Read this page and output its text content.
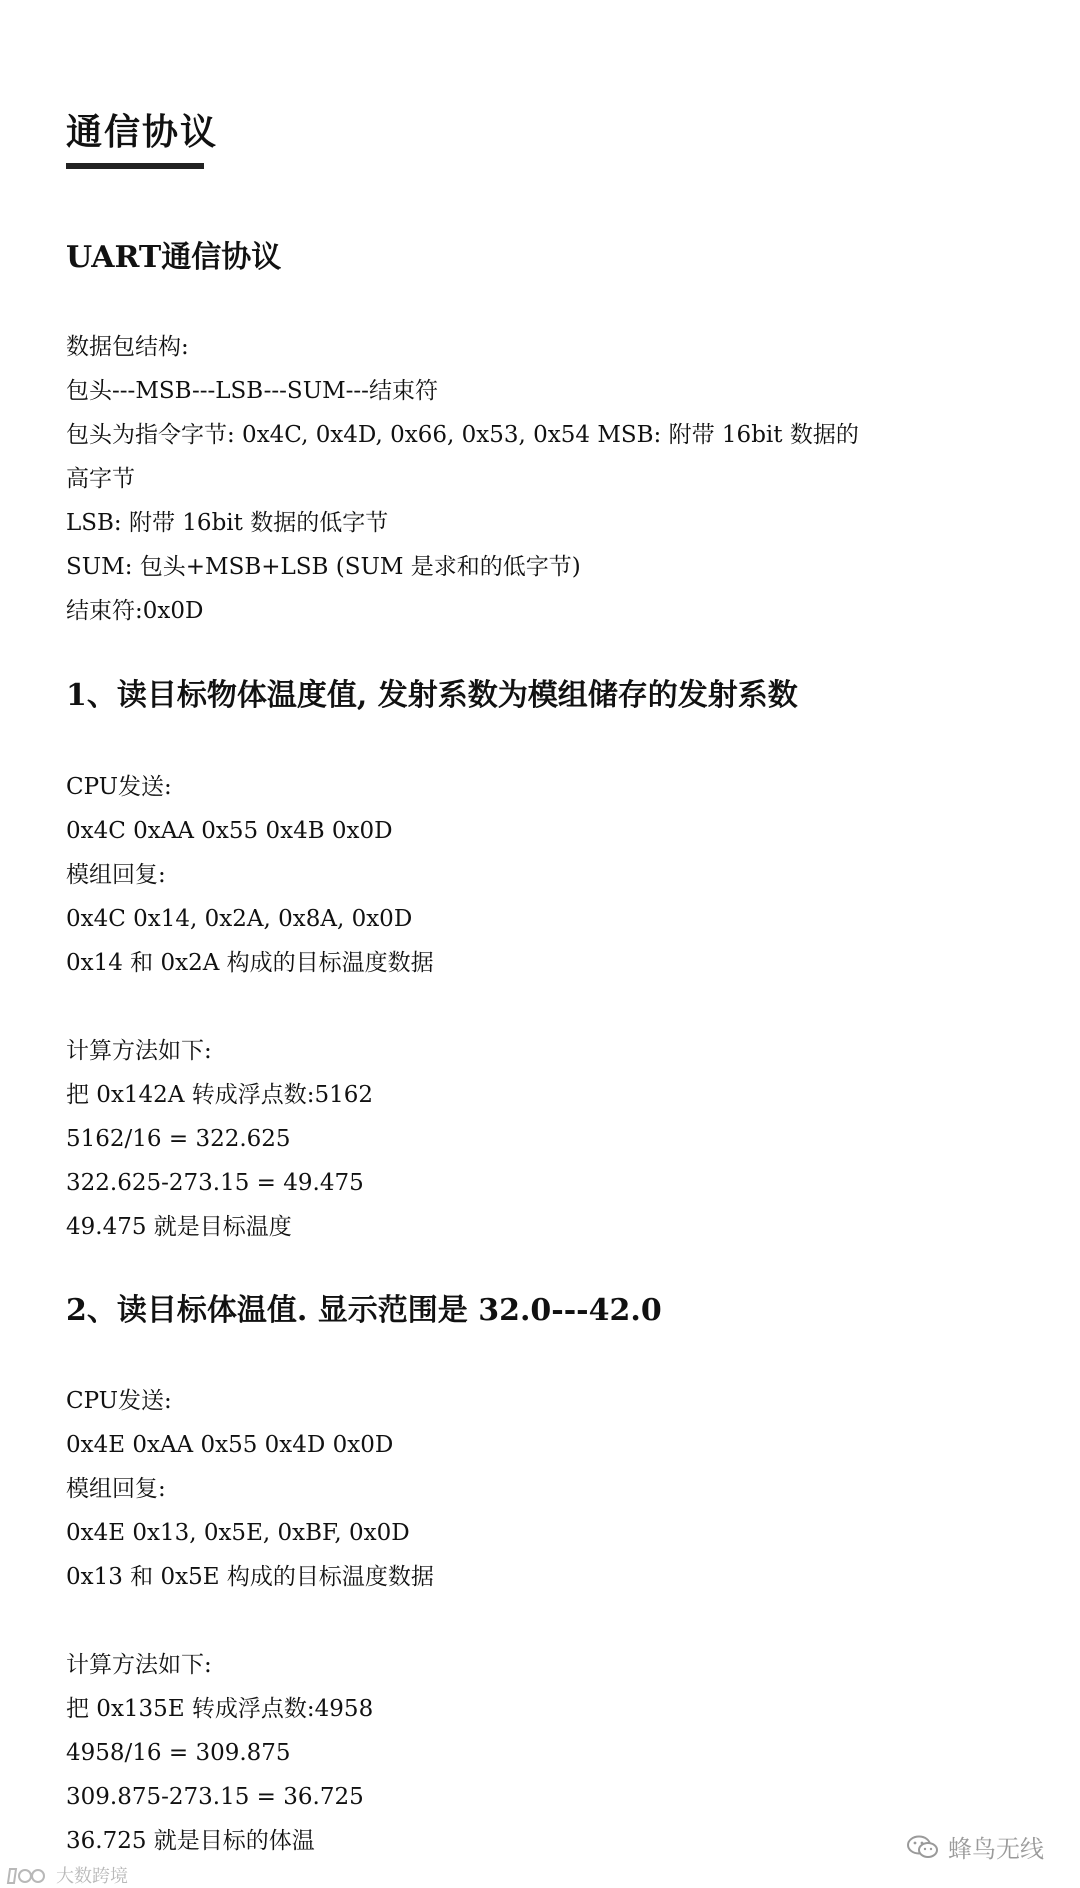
通信协议
UART通信协议
数据包结构:
包头---MSB---LSB---SUM---结束符
包头为指令字节: 0x4C, 0x4D, 0x66, 0x53, 0x54 MSB: 附带 16bit 数据的
高字节
LSB: 附带 16bit 数据的低字节
SUM: 包头+MSB+LSB (SUM 是求和的低字节)
结束符:0x0D
1、读目标物体温度值, 发射系数为模组储存的发射系数
CPU发送:
0x4C 0xAA 0x55 0x4B 0x0D
模组回复:
0x4C 0x14, 0x2A, 0x8A, 0x0D
0x14 和 0x2A 构成的目标温度数据
计算方法如下:
把 0x142A 转成浮点数:5162
5162/16 = 322.625
322.625-273.15 = 49.475
49.475 就是目标温度
2、读目标体温值. 显示范围是 32.0---42.0
CPU发送:
0x4E 0xAA 0x55 0x4D 0x0D
模组回复:
0x4E 0x13, 0x5E, 0xBF, 0x0D
0x13 和 0x5E 构成的目标温度数据
计算方法如下:
把 0x135E 转成浮点数:4958
4958/16 = 309.875
309.875-273.15 = 36.725
36.725 就是目标的体温	蜂鸟无线
大数跨境
